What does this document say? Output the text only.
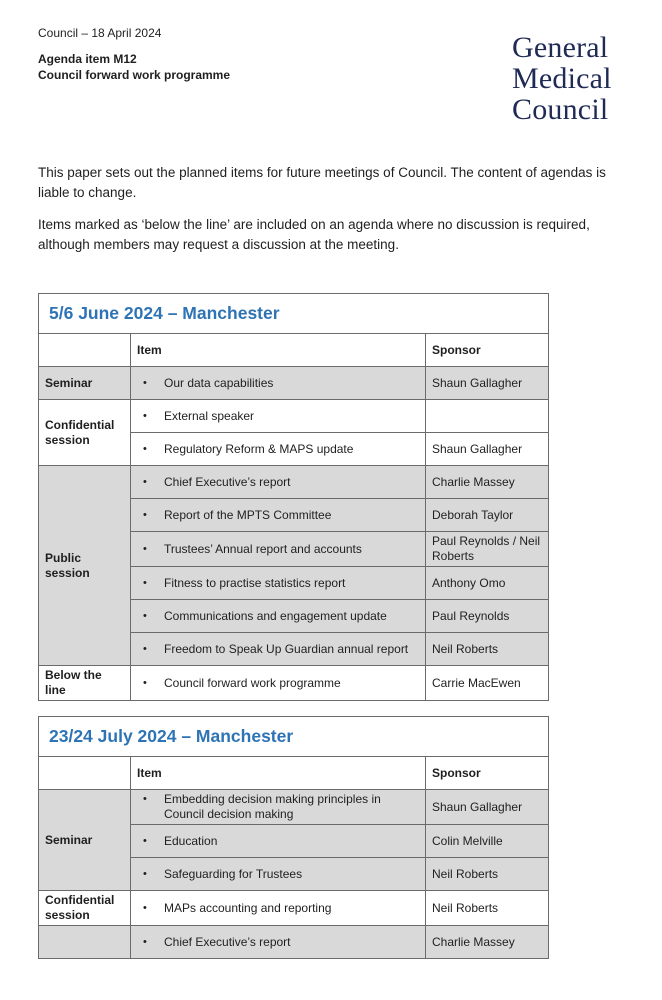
Council – 18 April 2024
Agenda item M12
Council forward work programme
General
Medical
Council

This paper sets out the planned items for future meetings of Council. The content of agendas is liable to change.

Items marked as ‘below the line’ are included on an agenda where no discussion is required, although members may request a discussion at the meeting.

5/6 June 2024 – Manchester		
	Item	Sponsor
Seminar	• Our data capabilities	Shaun Gallagher
Confidential session	• External speaker	

	• Regulatory Reform & MAPS update	Shaun Gallagher
Public session	• Chief Executive’s report	Charlie Massey

	• Report of the MPTS Committee	Deborah Taylor

	• Trustees’ Annual report and accounts	Paul Reynolds / Neil Roberts

	• Fitness to practise statistics report	Anthony Omo

	• Communications and engagement update	Paul Reynolds

	• Freedom to Speak Up Guardian annual report	Neil Roberts
Below the line	• Council forward work programme	Carrie MacEwen
23/24 July 2024 – Manchester		
	Item	Sponsor
Seminar	• Embedding decision making principles in Council decision making	Shaun Gallagher

	• Education	Colin Melville

	• Safeguarding for Trustees	Neil Roberts
Confidential session	• MAPs accounting and reporting	Neil Roberts

	• Chief Executive’s report	Charlie Massey
